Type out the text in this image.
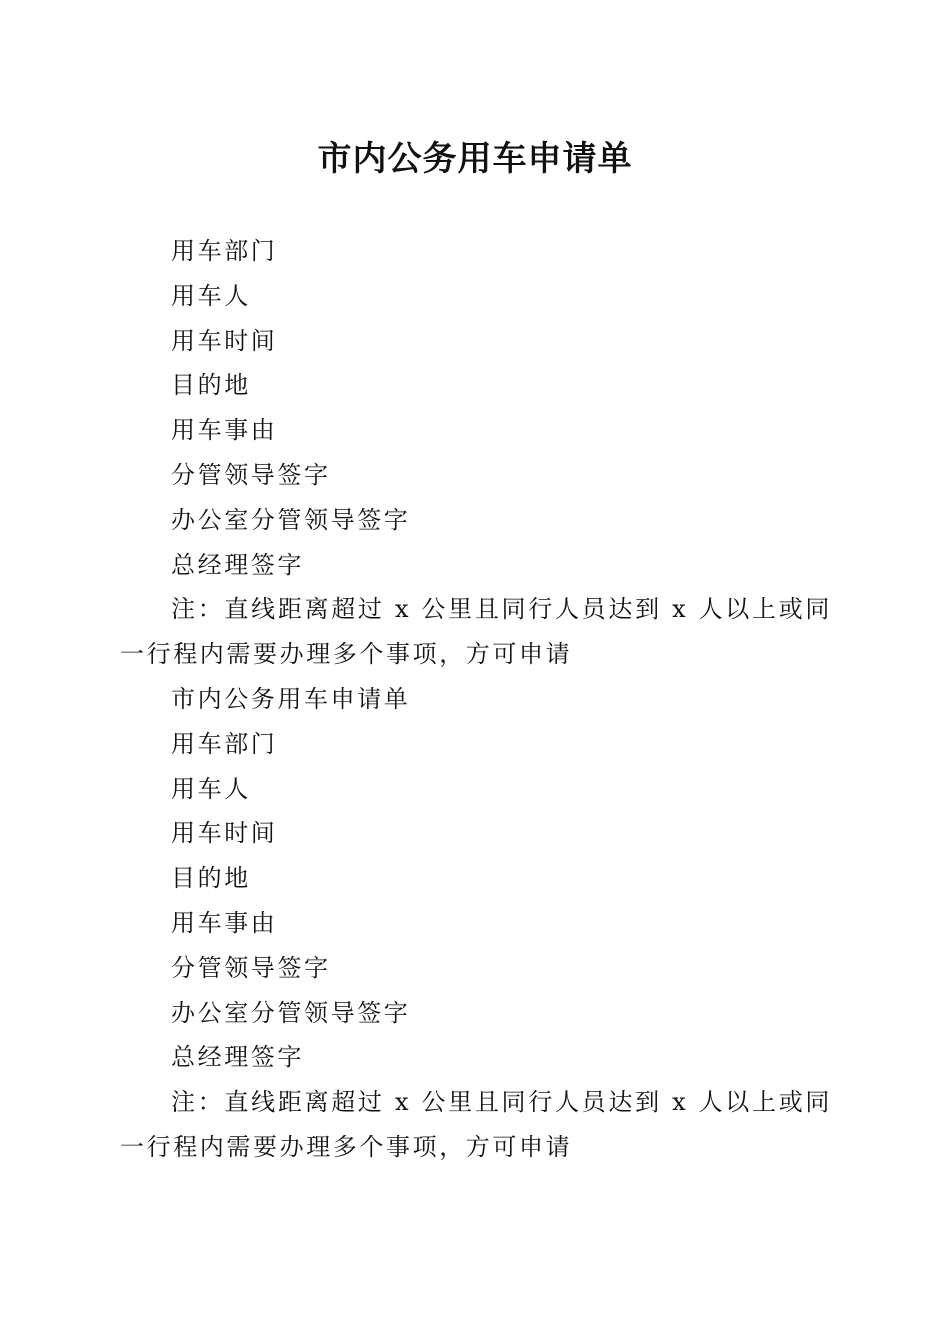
市内公务用车申请单

用车部门

用车人

用车时间

目的地

用车事由

分管领导签字

办公室分管领导签字

总经理签字

注：直线距离超过 x 公里且同行人员达到 x 人以上或同一行程内需要办理多个事项，方可申请

市内公务用车申请单

用车部门

用车人

用车时间

目的地

用车事由

分管领导签字

办公室分管领导签字

总经理签字

注：直线距离超过 x 公里且同行人员达到 x 人以上或同一行程内需要办理多个事项，方可申请
